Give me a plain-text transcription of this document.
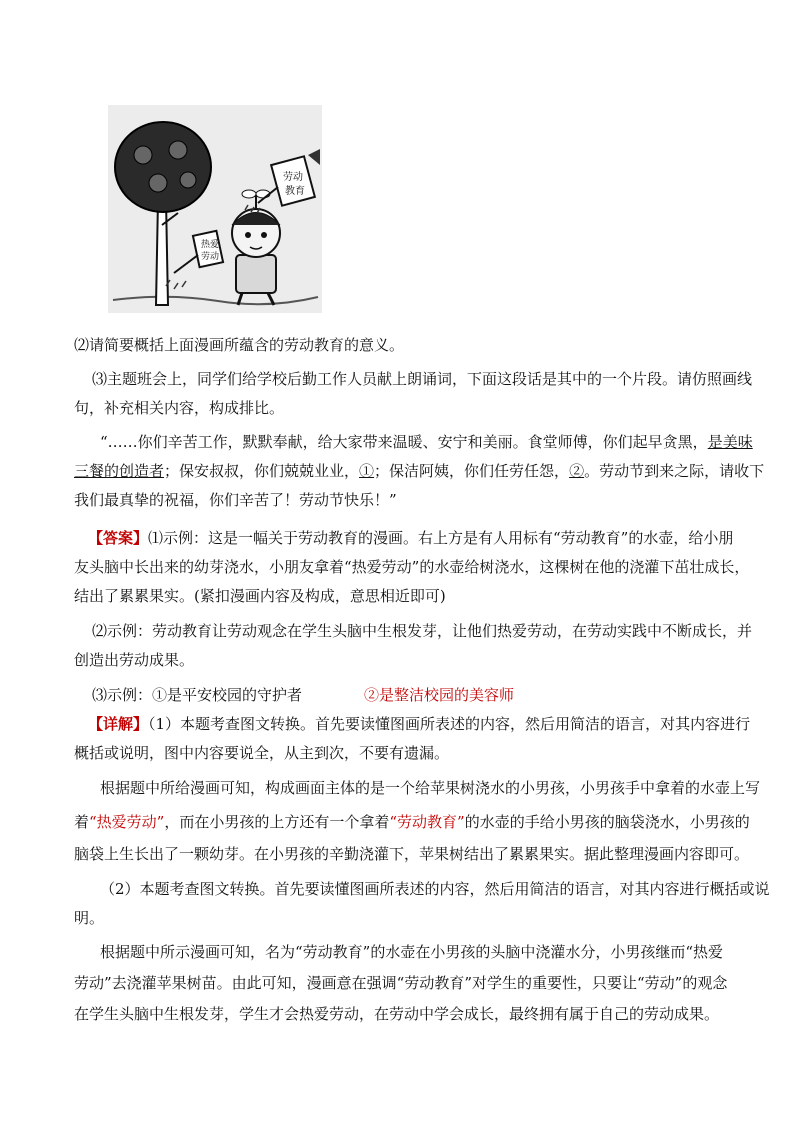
热爱
劳动
劳动
教育

⑵请简要概括上面漫画所蕴含的劳动教育的意义。

⑶主题班会上，同学们给学校后勤工作人员献上朗诵词，下面这段话是其中的一个片段。请仿照画线

句，补充相关内容，构成排比。

“……你们辛苦工作，默默奉献，给大家带来温暖、安宁和美丽。食堂师傅，你们起早贪黑，是美味

三餐的创造者；保安叔叔，你们兢兢业业，①；保洁阿姨，你们任劳任怨，②。劳动节到来之际，请收下

我们最真挚的祝福，你们辛苦了！劳动节快乐！”

【答案】⑴示例：这是一幅关于劳动教育的漫画。右上方是有人用标有“劳动教育”的水壶，给小朋

友头脑中长出来的幼芽浇水，小朋友拿着“热爱劳动”的水壶给树浇水，这棵树在他的浇灌下茁壮成长，

结出了累累果实。(紧扣漫画内容及构成，意思相近即可)

⑵示例：劳动教育让劳动观念在学生头脑中生根发芽，让他们热爱劳动，在劳动实践中不断成长，并

创造出劳动成果。

⑶示例：①是平安校园的守护者	②是整洁校园的美容师

【详解】（1）本题考查图文转换。首先要读懂图画所表述的内容，然后用简洁的语言，对其内容进行

概括或说明，图中内容要说全，从主到次，不要有遗漏。

根据题中所给漫画可知，构成画面主体的是一个给苹果树浇水的小男孩，小男孩手中拿着的水壶上写

着“热爱劳动”，而在小男孩的上方还有一个拿着“劳动教育”的水壶的手给小男孩的脑袋浇水，小男孩的

脑袋上生长出了一颗幼芽。在小男孩的辛勤浇灌下，苹果树结出了累累果实。据此整理漫画内容即可。

（2）本题考查图文转换。首先要读懂图画所表述的内容，然后用简洁的语言，对其内容进行概括或说

明。

根据题中所示漫画可知，名为“劳动教育”的水壶在小男孩的头脑中浇灌水分，小男孩继而“热爱

劳动”去浇灌苹果树苗。由此可知，漫画意在强调“劳动教育”对学生的重要性，只要让“劳动”的观念

在学生头脑中生根发芽，学生才会热爱劳动，在劳动中学会成长，最终拥有属于自己的劳动成果。
